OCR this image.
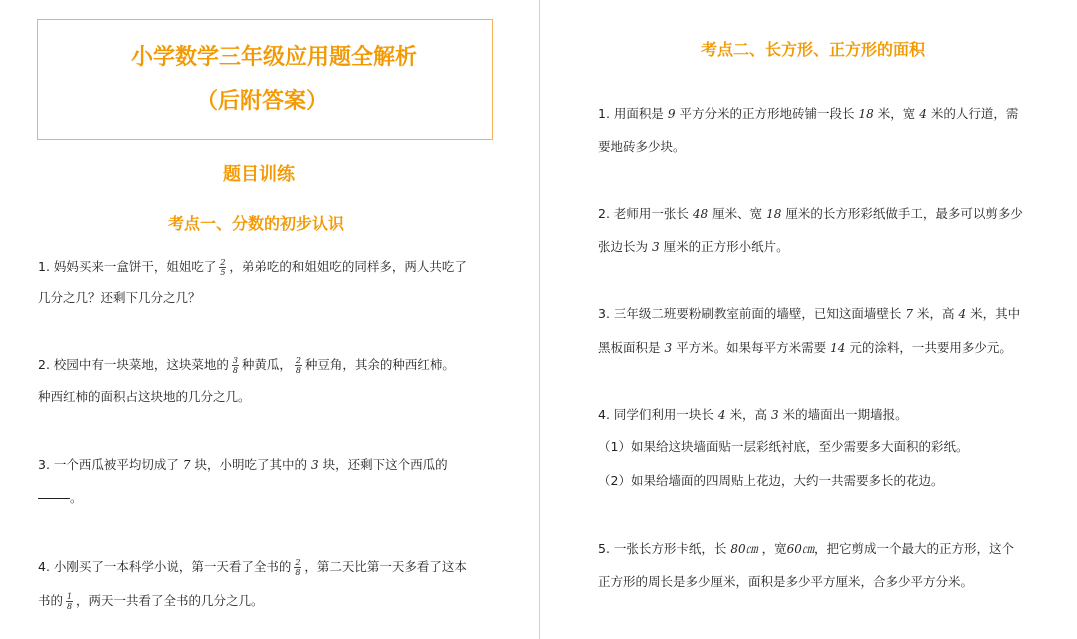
小学数学三年级应用题全解析
（后附答案）
题目训练
考点一、分数的初步认识

1. 妈妈买来一盒饼干，姐姐吃了 $\frac{2}{5}$ ，弟弟吃的和姐姐吃的同样多，两人共吃了

几分之几？还剩下几分之几？

2. 校园中有一块菜地，这块菜地的 $\frac{3}{8}$ 种黄瓜， $\frac{2}{8}$ 种豆角，其余的种西红柿。

种西红柿的面积占这块地的几分之几。

3. 一个西瓜被平均切成了 7 块，小明吃了其中的 3 块，还剩下这个西瓜的

。

4. 小刚买了一本科学小说，第一天看了全书的 $\frac{2}{8}$ ，第二天比第一天多看了这本

书的 $\frac{1}{8}$ ，两天一共看了全书的几分之几。

考点二、长方形、正方形的面积

1. 用面积是 9 平方分米的正方形地砖铺一段长 18 米，宽 4 米的人行道，需

要地砖多少块。

2. 老师用一张长 48 厘米、宽 18 厘米的长方形彩纸做手工，最多可以剪多少

张边长为 3 厘米的正方形小纸片。

3. 三年级二班要粉刷教室前面的墙壁，已知这面墙壁长 7 米，高 4 米，其中

黑板面积是 3 平方米。如果每平方米需要 14 元的涂料，一共要用多少元。

4. 同学们利用一块长 4 米，高 3 米的墙面出一期墙报。

（1）如果给这块墙面贴一层彩纸衬底，至少需要多大面积的彩纸。

（2）如果给墙面的四周贴上花边，大约一共需要多长的花边。

5. 一张长方形卡纸，长 80㎝ ，宽60㎝，把它剪成一个最大的正方形，这个

正方形的周长是多少厘米，面积是多少平方厘米，合多少平方分米。
